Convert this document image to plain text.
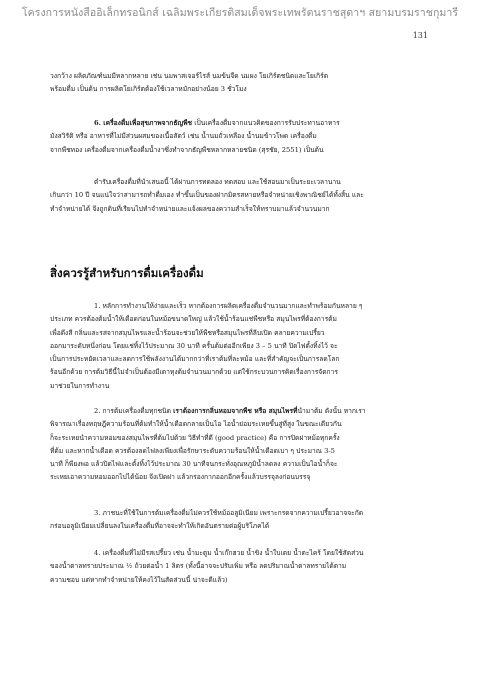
โครงการหนังสืออิเล็กทรอนิกส์ เฉลิมพระเกียรติสมเด็จพระเทพรัตนราชสุดาฯ สยามบรมราชกุมารี
131
วงกว้าง ผลิตภัณฑ์นมมีหลากหลาย เช่น นมพาสเจอร์ไรส์ นมข้นจืด นมผง โยเกิร์ตชนิดและโยเกิร์ต
พร้อมดื่ม เป็นต้น การผลิตโยเกิร์ตต้องใช้เวลาหมักอย่างน้อย 3 ชั่วโมง
6. เครื่องดื่มเพื่อสุขภาพจากธัญพืช เป็นเครื่องดื่มจากแนวคิดของการรับประทานอาหาร
มังสวิรัติ หรือ อาหารที่ไม่มีส่วนผสมของเนื้อสัตว์ เช่น น้ำนมถั่วเหลือง น้ำนมข้าวโพด เครื่องดื่ม
จากพืชทอง เครื่องดื่มจากเครื่องดื่มน้ำงาซึ่งทำจากธัญพืชหลากหลายชนิด (สุรชัย, 2551) เป็นต้น
ตำรับเครื่องดื่มที่นำเสนอนี้ ได้ผ่านการทดลอง ทดสอบ และใช้สอนมาเป็นระยะเวลานาน
เกินกว่า 10 ปี จนแน่ใจว่าสามารถทำดื่มเอง ทำขึ้นเป็นของฝากมิตรสหายหรือจำหน่ายเชิงพาณิชย์ได้ทั้งสิ้น และ
ทำจำหน่ายได้ จึงถูกดินที่เรียนไปทำจำหน่ายและแจ้งผลของความสำเร็จให้ทราบมาแล้วจำนวนมาก
สิ่งควรรู้สำหรับการดื่มเครื่องดื่ม
1. หลักการทำงานให้ง่ายและเร็ว หากต้องการผลิตเครื่องดื่มจำนวนมากและทำพร้อมกันหลาย ๆ
ประเภท ควรต้องต้มน้ำให้เดือดก่อนในหม้อขนาดใหญ่ แล้วใช้น้ำร้อนแช่พืชหรือ สมุนไพรที่ต้องการต้ม
เพื่อดึงสี กลิ่นและรสจากสมุนไพรและน้ำร้อนจะช่วยให้พืชหรือสมุนไพรที่ลีบเปิด คลายความเปรี้ยว
ออกมาระดับหนึ่งก่อน โดยแช่ทิ้งไว้ประมาณ 30 นาที ครั้นต้มต่ออีกเพียง 3 – 5 นาที ปิดไฟตั้งทิ้งไว้ จะ
เป็นการประหยัดเวลาและลดการใช้พลังงานได้มากกว่าที่เราต้มที่ละหม้อ และที่สำคัญจะเป็นการลดโลก
ร้อนอีกด้วย การต้มวิธีนี้ไม่จำเป็นต้องมีเตาหุงต้มจำนวนมากด้วย แต่ใช้กระบวนการคิดเรื่องการจัดการ
มาช่วยในการทำงาน
2. การต้มเครื่องดื่มทุกชนิด เราต้องการกลิ่นหอมจากพืช หรือ สมุนไพรที่นำมาต้ม ดังนั้น หากเรา
พิจารณาเรื่องทฤษฎีความร้อนที่ต้มทำให้น้ำเดือดกลายเป็นไอ ไอน้ำย่อมระเหยขึ้นสู่ที่สูง ในขณะเดียวกัน
ก็จะระเหยนำความหอมของสมุนไพรที่ต้มไปด้วย วิธีทำที่ดี (good practice) คือ การปิดฝาหม้อทุกครั้ง
ที่ต้ม และหากน้ำเดือด ควรต้องลดไฟลงเพียงเพื่อรักษาระดับความร้อนให้น้ำเดือดเบา ๆ ประมาณ 3-5
นาที ก็พียงพอ แล้วปิดไฟและตั้งทิ้งไว้ประมาณ 30 นาทีจนกระทั่งอุณหภูมิน้ำลดลง ความเป็นไอน้ำก็จะ
ระเหยเอาความหอมออกไปได้น้อย จึงเปิดฝา แล้วกรองกากออกอีกครั้งแล้วบรรจุลงก่อนบรรจุ
3. ภาชนะที่ใช้ในการต้มเครื่องดื่มไม่ควรใช้หม้ออลูมิเนียม เพราะกรดจากความเปรี้ยวอาจจะกัด
กร่อนอลูมิเนียมเปลี่ยนลงในเครื่องดื่มที่อาจจะทำให้เกิดอันตรายต่อผู้บริโภคได้
4. เครื่องดื่มที่ไม่มีรสเปรี้ยว เช่น น้ำมะตูม น้ำเก๊กฮวย น้ำขิง น้ำใบเตย น้ำตะไคร้ โดยใช้สัดส่วน
ของน้ำตาลทรายประมาณ ½ ถ้วยต่อน้ำ 1 ลิตร (ทั้งนี้อาจจะปรับเพิ่ม หรือ ลดปริมาณน้ำตาลทรายได้ตาม
ความชอบ แต่หากทำจำหน่ายให้คงไว้ในสัดส่วนนี้ น่าจะดีแล้ว)
